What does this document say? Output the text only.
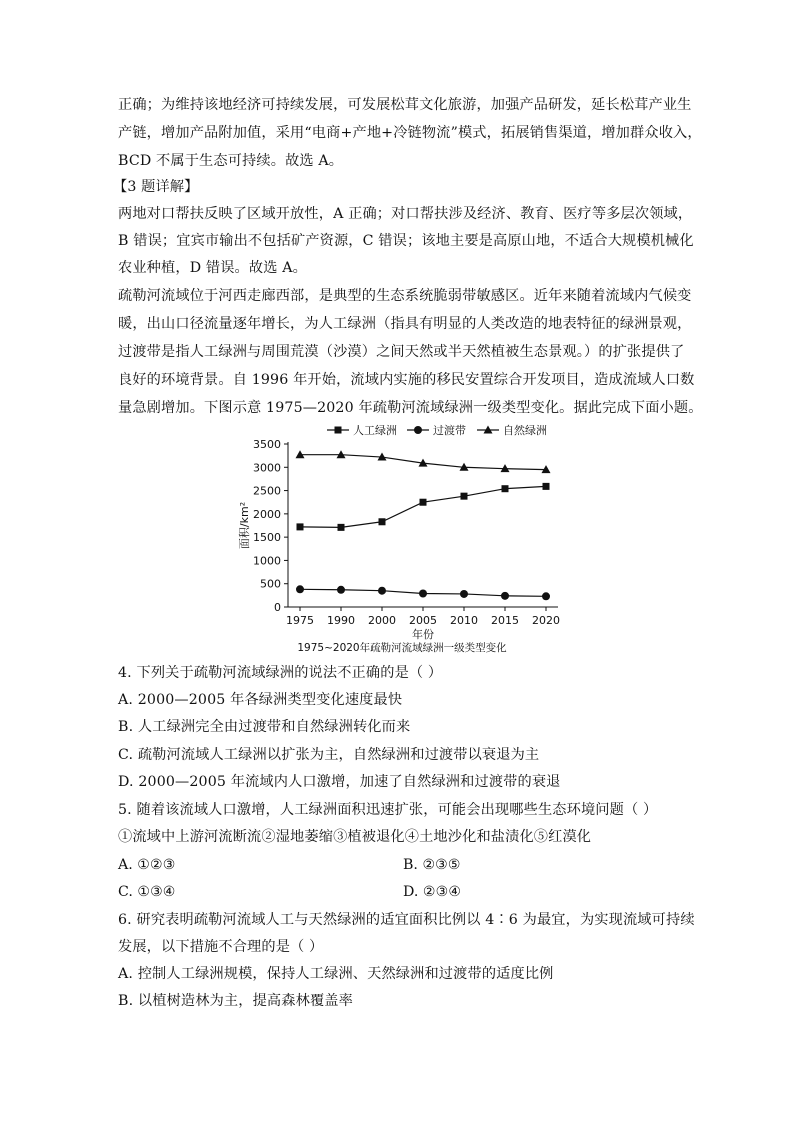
正确；为维持该地经济可持续发展，可发展松茸文化旅游，加强产品研发，延长松茸产业生
产链，增加产品附加值，采用“电商+产地+冷链物流”模式，拓展销售渠道，增加群众收入，
BCD 不属于生态可持续。故选 A。
【3 题详解】
两地对口帮扶反映了区域开放性，A 正确；对口帮扶涉及经济、教育、医疗等多层次领域，
B 错误；宜宾市输出不包括矿产资源，C 错误；该地主要是高原山地，不适合大规模机械化
农业种植，D 错误。故选 A。
疏勒河流域位于河西走廊西部，是典型的生态系统脆弱带敏感区。近年来随着流域内气候变
暖，出山口径流量逐年增长，为人工绿洲（指具有明显的人类改造的地表特征的绿洲景观，
过渡带是指人工绿洲与周围荒漠（沙漠）之间天然或半天然植被生态景观。）的扩张提供了
良好的环境背景。自 1996 年开始，流域内实施的移民安置综合开发项目，造成流域人口数
量急剧增加。下图示意 1975—2020 年疏勒河流域绿洲一级类型变化。据此完成下面小题。
0
500
1000
1500
2000
2500
3000
3500
1975 1990 2000 2005 2010 2015 2020
年份
面积/km²
人工绿洲	过渡带	自然绿洲
1975~2020年疏勒河流域绿洲一级类型变化
4. 下列关于疏勒河流域绿洲的说法不正确的是（ ）
A. 2000—2005 年各绿洲类型变化速度最快
B. 人工绿洲完全由过渡带和自然绿洲转化而来
C. 疏勒河流域人工绿洲以扩张为主，自然绿洲和过渡带以衰退为主
D. 2000—2005 年流域内人口激增，加速了自然绿洲和过渡带的衰退
5. 随着该流域人口激增，人工绿洲面积迅速扩张，可能会出现哪些生态环境问题（ ）
①流域中上游河流断流②湿地萎缩③植被退化④土地沙化和盐渍化⑤红漠化
A. ①②③	B. ②③⑤
C. ①③④	D. ②③④
6. 研究表明疏勒河流域人工与天然绿洲的适宜面积比例以 4∶6 为最宜，为实现流域可持续
发展，以下措施不合理的是（ ）
A. 控制人工绿洲规模，保持人工绿洲、天然绿洲和过渡带的适度比例
B. 以植树造林为主，提高森林覆盖率
